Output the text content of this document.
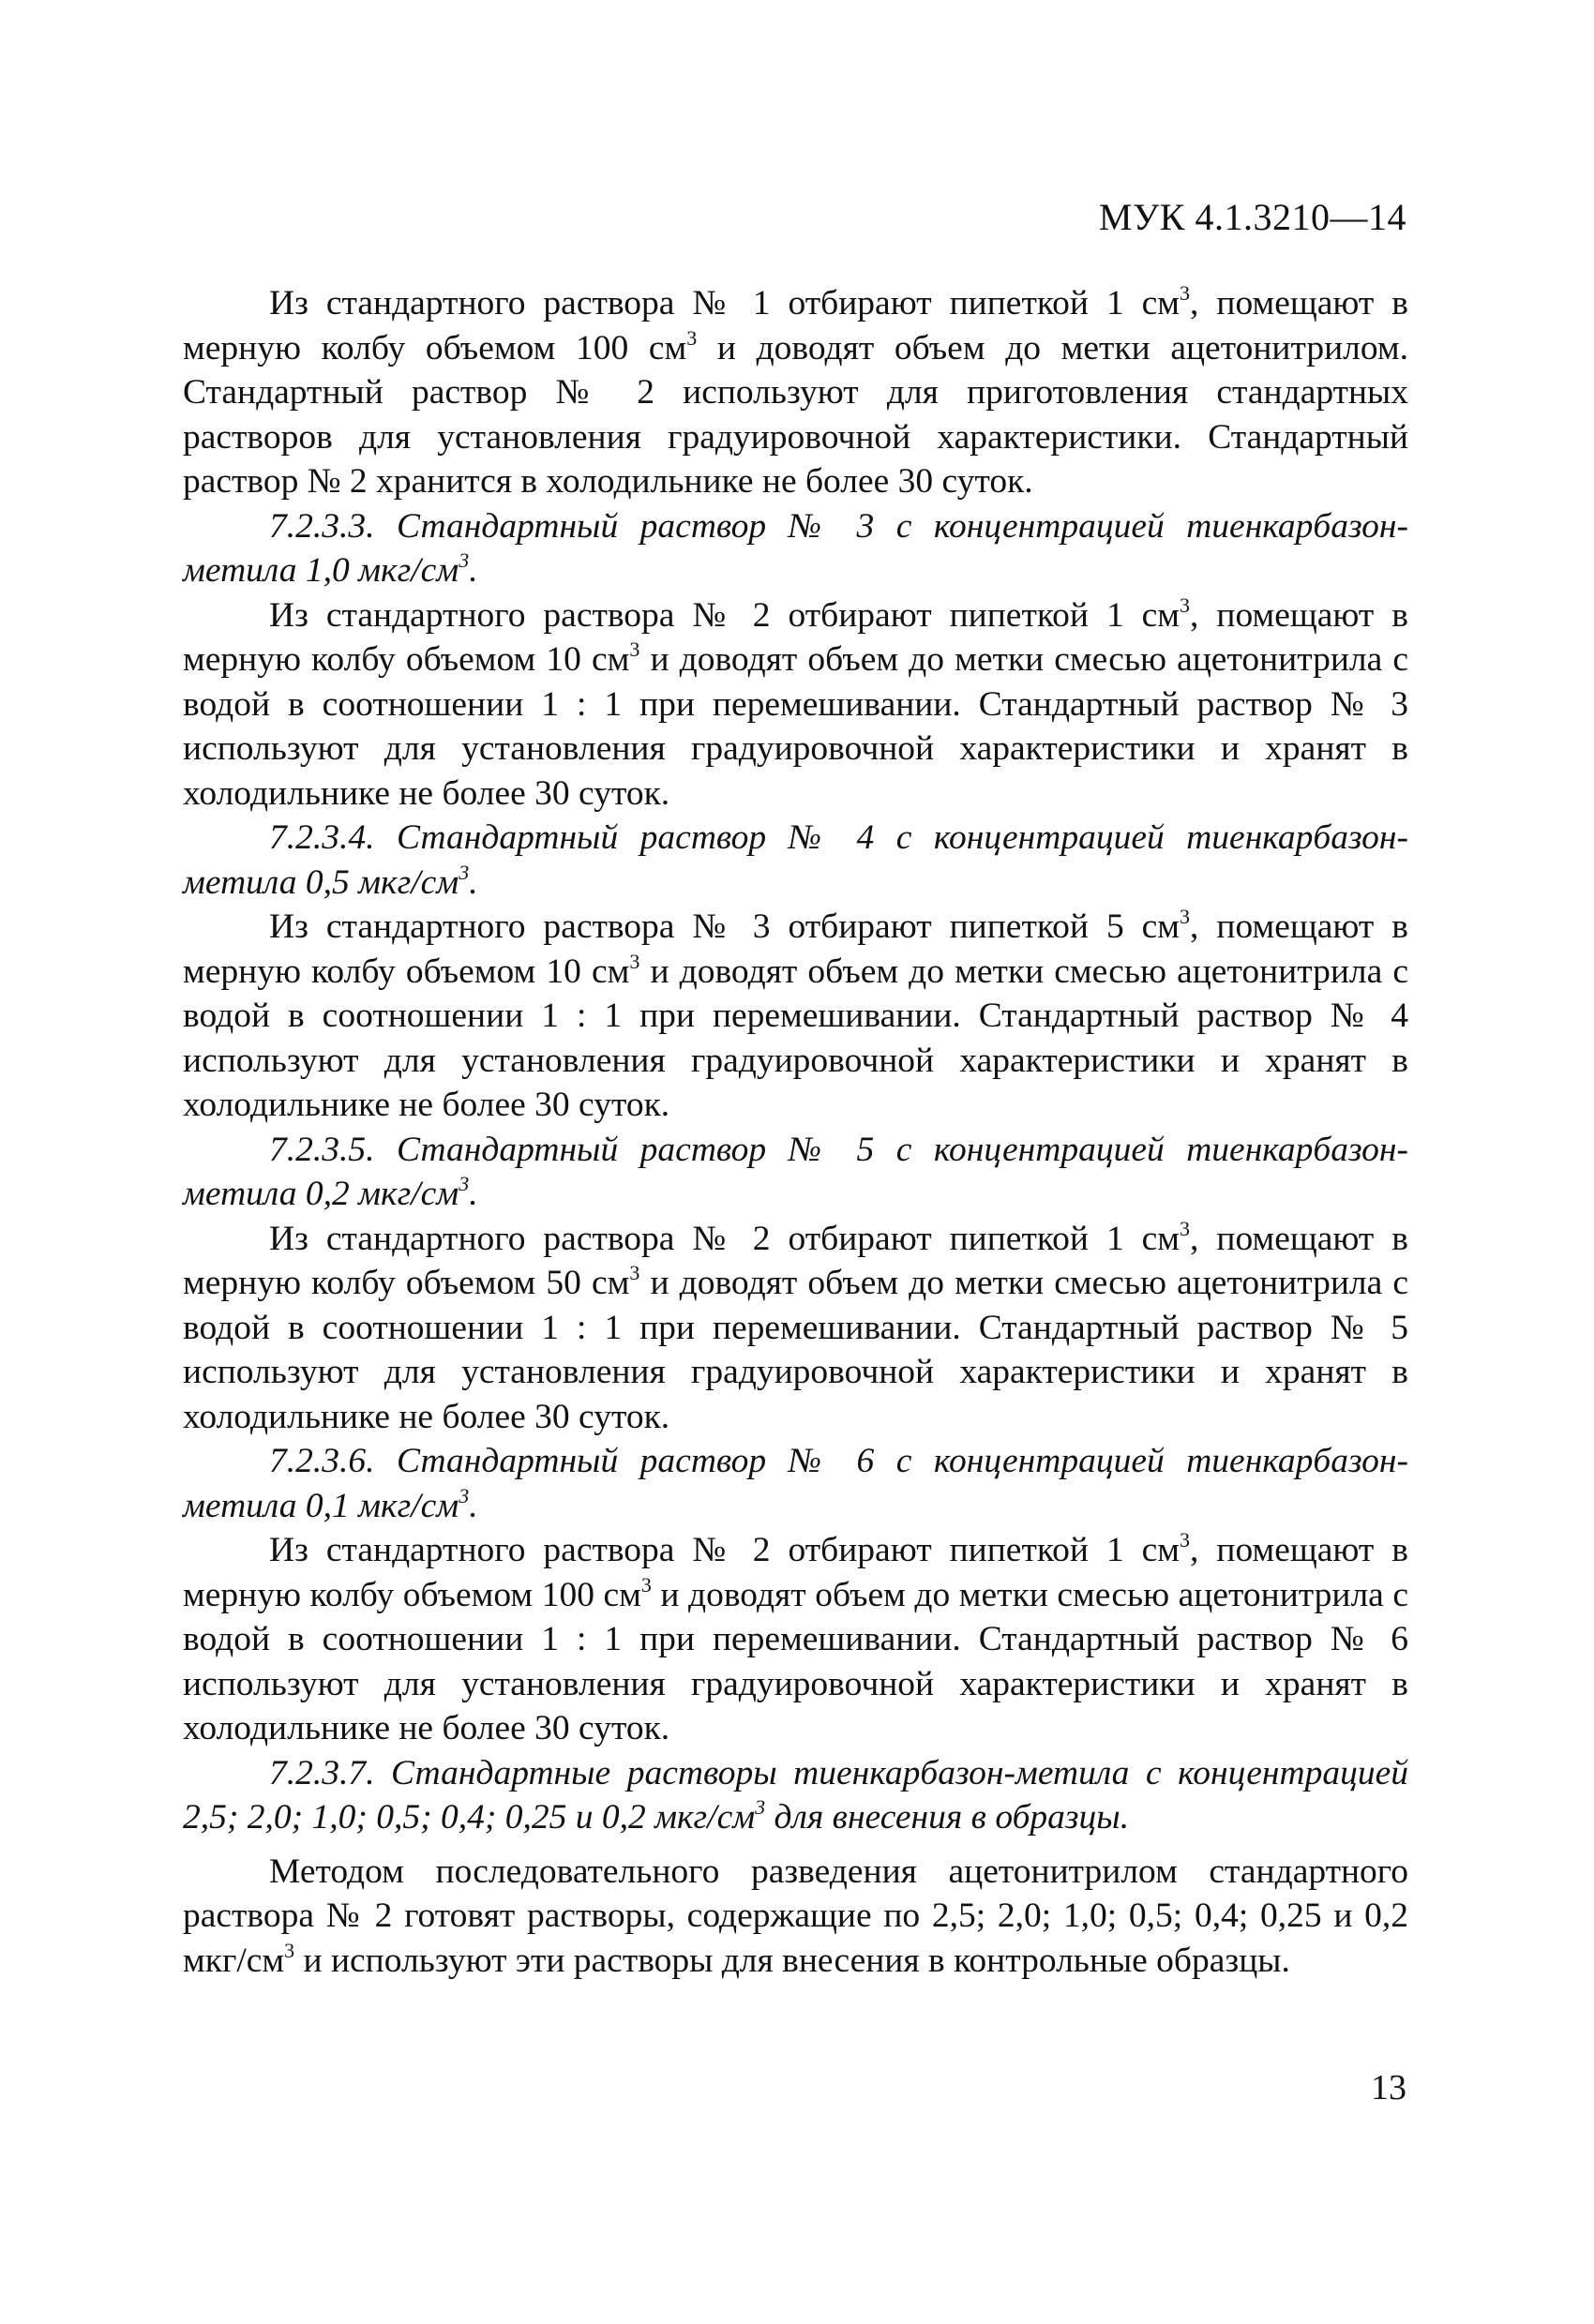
МУК 4.1.3210—14

Из стандартного раствора № 1 отбирают пипеткой 1 $см^3$, помещают в мерную колбу объемом 100 $см^3$ и доводят объем до метки ацетонитрилом. Стандартный раствор № 2 используют для приготовления стандартных растворов для установления градуировочной характеристики. Стандартный раствор № 2 хранится в холодильнике не более 30 суток.

7.2.3.3. Стандартный раствор № 3 с концентрацией тиенкарбазон-метила 1,0 мкг/$см^3$.

Из стандартного раствора № 2 отбирают пипеткой 1 $см^3$, помещают в мерную колбу объемом 10 $см^3$ и доводят объем до метки смесью ацетонитрила с водой в соотношении 1 : 1 при перемешивании. Стандартный раствор № 3 используют для установления градуировочной характеристики и хранят в холодильнике не более 30 суток.

7.2.3.4. Стандартный раствор № 4 с концентрацией тиенкарбазон-метила 0,5 мкг/$см^3$.

Из стандартного раствора № 3 отбирают пипеткой 5 $см^3$, помещают в мерную колбу объемом 10 $см^3$ и доводят объем до метки смесью ацетонитрила с водой в соотношении 1 : 1 при перемешивании. Стандартный раствор № 4 используют для установления градуировочной характеристики и хранят в холодильнике не более 30 суток.

7.2.3.5. Стандартный раствор № 5 с концентрацией тиенкарбазон-метила 0,2 мкг/$см^3$.

Из стандартного раствора № 2 отбирают пипеткой 1 $см^3$, помещают в мерную колбу объемом 50 $см^3$ и доводят объем до метки смесью ацетонитрила с водой в соотношении 1 : 1 при перемешивании. Стандартный раствор № 5 используют для установления градуировочной характеристики и хранят в холодильнике не более 30 суток.

7.2.3.6. Стандартный раствор № 6 с концентрацией тиенкарбазон-метила 0,1 мкг/$см^3$.

Из стандартного раствора № 2 отбирают пипеткой 1 $см^3$, помещают в мерную колбу объемом 100 $см^3$ и доводят объем до метки смесью ацетонитрила с водой в соотношении 1 : 1 при перемешивании. Стандартный раствор № 6 используют для установления градуировочной характеристики и хранят в холодильнике не более 30 суток.

7.2.3.7. Стандартные растворы тиенкарбазон-метила с концентрацией 2,5; 2,0; 1,0; 0,5; 0,4; 0,25 и 0,2 мкг/$см^3$ для внесения в образцы.

Методом последовательного разведения ацетонитрилом стандартного раствора № 2 готовят растворы, содержащие по 2,5; 2,0; 1,0; 0,5; 0,4; 0,25 и 0,2 мкг/$см^3$ и используют эти растворы для внесения в контрольные образцы.

13
